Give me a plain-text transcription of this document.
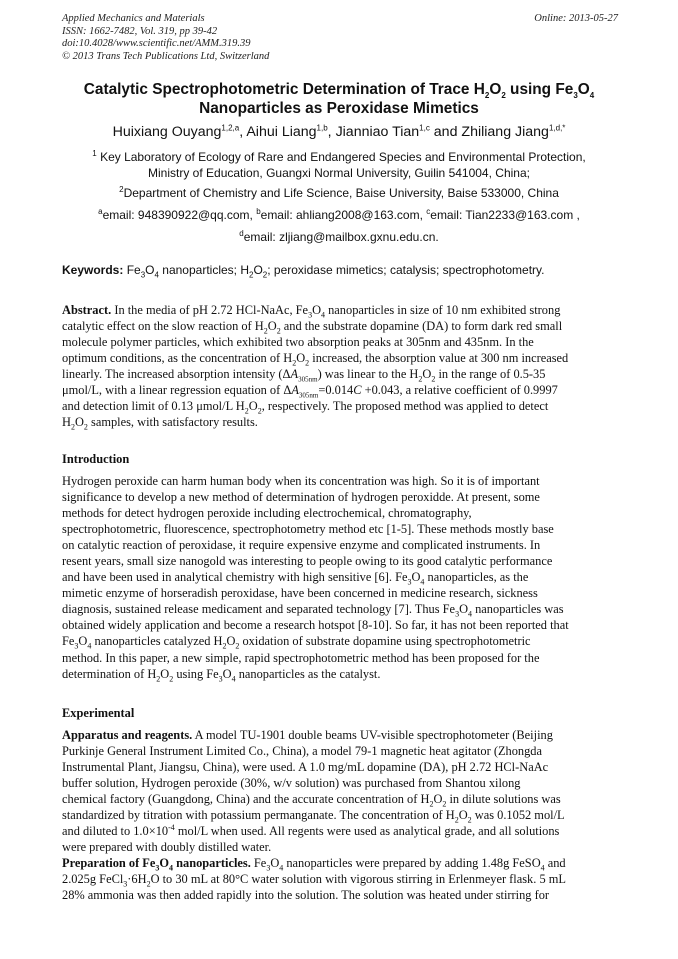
Applied Mechanics and Materials
ISSN: 1662-7482, Vol. 319, pp 39-42
doi:10.4028/www.scientific.net/AMM.319.39
© 2013 Trans Tech Publications Ltd, Switzerland
Online: 2013-05-27
Catalytic Spectrophotometric Determination of Trace $H_2O_2$ using $Fe_3O_4$
Nanoparticles as Peroxidase Mimetics
Huixiang Ouyang$^{1,2,a}$, Aihui Liang$^{1,b}$, Jianniao Tian$^{1,c}$ and Zhiliang Jiang$^{1,d,*}$
$^1$ Key Laboratory of Ecology of Rare and Endangered Species and Environmental Protection,
Ministry of Education, Guangxi Normal University, Guilin 541004, China;
$^2$Department of Chemistry and Life Science, Baise University, Baise 533000, China
$^a$email: 948390922@qq.com, $^b$email: ahliang2008@163.com, $^c$email: Tian2233@163.com ,
$^d$email: zljiang@mailbox.gxnu.edu.cn.
Keywords: $Fe_3O_4$ nanoparticles; $H_2O_2$; peroxidase mimetics; catalysis; spectrophotometry.
Abstract. In the media of pH 2.72 HCl-NaAc, $Fe_3O_4$ nanoparticles in size of 10 nm exhibited strong
catalytic effect on the slow reaction of $H_2O_2$ and the substrate dopamine (DA) to form dark red small
molecule polymer particles, which exhibited two absorption peaks at 305nm and 435nm. In the
optimum conditions, as the concentration of $H_2O_2$ increased, the absorption value at 300 nm increased
linearly. The increased absorption intensity $(\Delta A_{305nm})$ was linear to the $H_2O_2$ in the range of 0.5-35
μmol/L, with a linear regression equation of $\Delta A_{305nm}=0.014C +0.043$, a relative coefficient of 0.9997
and detection limit of 0.13 μmol/L $H_2O_2$, respectively. The proposed method was applied to detect
$H_2O_2$ samples, with satisfactory results.
Introduction
Hydrogen peroxide can harm human body when its concentration was high. So it is of important
significance to develop a new method of determination of hydrogen peroxidde. At present, some
methods for detect hydrogen peroxide including electrochemical, chromatography,
spectrophotometric, fluorescence, spectrophotometry method etc [1-5]. These methods mostly base
on catalytic reaction of peroxidase, it require expensive enzyme and complicated instruments. In
resent years, small size nanogold was interesting to people owing to its good catalytic performance
and have been used in analytical chemistry with high sensitive [6]. $Fe_3O_4$ nanoparticles, as the
mimetic enzyme of horseradish peroxidase, have been concerned in medicine research, sickness
diagnosis, sustained release medicament and separated technology [7]. Thus $Fe_3O_4$ nanoparticles was
obtained widely application and become a research hotspot [8-10]. So far, it has not been reported that
$Fe_3O_4$ nanoparticles catalyzed $H_2O_2$ oxidation of substrate dopamine using spectrophotometric
method. In this paper, a new simple, rapid spectrophotometric method has been proposed for the
determination of $H_2O_2$ using $Fe_3O_4$ nanoparticles as the catalyst.
Experimental
Apparatus and reagents. A model TU-1901 double beams UV-visible spectrophotometer (Beijing
Purkinje General Instrument Limited Co., China), a model 79-1 magnetic heat agitator (Zhongda
Instrumental Plant, Jiangsu, China), were used. A 1.0 mg/mL dopamine (DA), pH 2.72 HCl-NaAc
buffer solution, Hydrogen peroxide (30%, w/v solution) was purchased from Shantou xilong
chemical factory (Guangdong, China) and the accurate concentration of $H_2O_2$ in dilute solutions was
standardized by titration with potassium permanganate. The concentration of $H_2O_2$ was 0.1052 mol/L
and diluted to $1.0\times 10^{-4}$ mol/L when used. All regents were used as analytical grade, and all solutions
were prepared with doubly distilled water.
Preparation of $Fe_3O_4$ nanoparticles. $Fe_3O_4$ nanoparticles were prepared by adding 1.48g FeSO$_4$ and
2.025g $FeCl_3\cdot 6H_2O$ to 30 mL at 80°C water solution with vigorous stirring in Erlenmeyer flask. 5 mL
28% ammonia was then added rapidly into the solution. The solution was heated under stirring for
